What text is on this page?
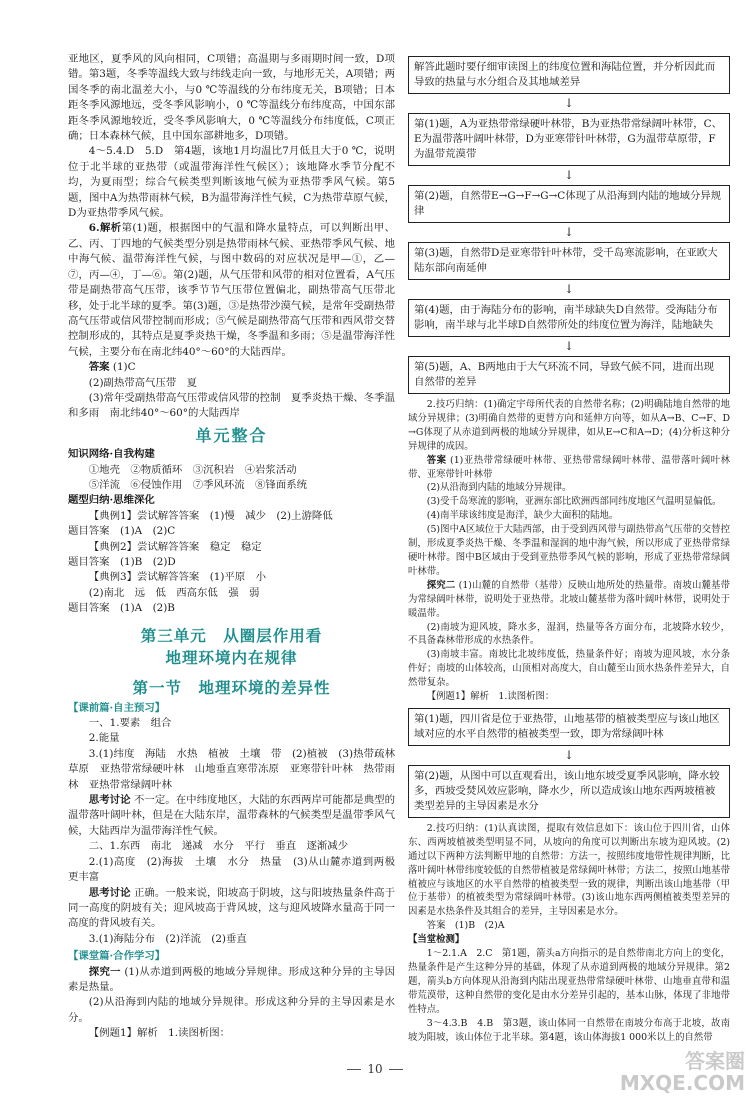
亚地区，夏季风的风向相同，C项错；高温期与多雨期时间一致，D项错。第3题，冬季等温线大致与纬线走向一致，与地形无关，A项错；两国冬季的南北温差大小，与0 ℃等温线的分布纬度无关，B项错；日本距冬季风源地远，受冬季风影响小，0 ℃等温线分布纬度高，中国东部距冬季风源地较近，受冬季风影响大，0 ℃等温线分布纬度低，C项正确；日本森林气候，且中国东部耕地多，D项错。

4～5.4.D　5.D　第4题，该地1月均温比7月低且大于0 ℃，说明位于北半球的亚热带（或温带海洋性气候区）；该地降水季节分配不均，为夏雨型；综合气候类型判断该地气候为亚热带季风气候。第5题，图中A为热带雨林气候，B为温带海洋性气候，C为热带草原气候，D为亚热带季风气候。

6.解析第(1)题，根据图中的气温和降水量特点，可以判断出甲、乙、丙、丁四地的气候类型分别是热带雨林气候、亚热带季风气候、地中海气候、温带海洋性气候，与图中数码的对应状况是甲—①，乙—⑦，丙—④，丁—⑥。第(2)题，从气压带和风带的相对位置看，A气压带是副热带高气压带，该季节节气压带位置偏北，副热带高气压带北移，处于北半球的夏季。第(3)题，③是热带沙漠气候，是常年受副热带高气压带或信风带控制而形成；⑤气候是副热带高气压带和西风带交替控制形成的，其特点是夏季炎热干燥，冬季温和多雨；⑤是温带海洋性气候，主要分布在南北纬40°～60°的大陆西岸。

答案 (1)C

(2)副热带高气压带　夏

(3)常年受副热带高气压带或信风带的控制　夏季炎热干燥、冬季温和多雨　南北纬40°～60°的大陆西岸

单元整合

知识网络·自我构建

①地壳　②物质循环　③沉积岩　④岩浆活动

⑤洋流　⑥侵蚀作用　⑦季风环流　⑧锋面系统

题型归纳·思维深化

【典例1】尝试解答答案　(1)慢　减少　(2)上游降低

题目答案　(1)A　(2)C

【典例2】尝试解答答案　稳定　稳定

题目答案　(1)B　(2)D

【典例3】尝试解答答案　(1)平原　小

(2)南北　远　低　西高东低　强　弱

题目答案　(1)A　(2)B

第三单元　从圈层作用看
地理环境内在规律
第一节　地理环境的差异性

【课前篇·自主预习】

一、1.要素　组合

2.能量

3.(1)纬度　海陆　水热　植被　土壤　带　(2)植被　(3)热带疏林草原　亚热带常绿硬叶林　山地垂直寒带冻原　亚寒带针叶林　热带雨林　亚热带常绿阔叶林

思考讨论 不一定。在中纬度地区，大陆的东西两岸可能都是典型的温带落叶阔叶林，但是在大陆东岸，温带森林的气候类型是温带季风气候，大陆西岸为温带海洋性气候。

二、1.东西　南北　递减　水分　平行　垂直　逐渐减少

2.(1)高度　(2)海拔　土壤　水分　热量　(3)从山麓赤道到两极　更丰富

思考讨论 正确。一般来说，阳坡高于阴坡，这与阳坡热量条件高于同一高度的阴坡有关；迎风坡高于背风坡，这与迎风坡降水量高于同一高度的背风坡有关。

3.(1)海陆分布　(2)洋流　(2)垂直

【课堂篇·合作学习】

探究一 (1)从赤道到两极的地域分异规律。形成这种分异的主导因素是热量。

(2)从沿海到内陆的地域分异规律。形成这种分异的主导因素是水分。

【例题1】解析　1.读图析图：

解答此题时要仔细审读图上的纬度位置和海陆位置，并分析因此而导致的热量与水分组合及其地域差异
↓
第(1)题，A为亚热带常绿硬叶林带，B为亚热带常绿阔叶林带，C、E为温带落叶阔叶林带，D为亚寒带针叶林带，G为温带草原带，F为温带荒漠带
↓
第(2)题，自然带E→G→F→G→C体现了从沿海到内陆的地域分异规律
↓
第(3)题，自然带D是亚寒带针叶林带，受千岛寒流影响，在亚欧大陆东部向南延伸
↓
第(4)题，由于海陆分布的影响，南半球缺失D自然带。受海陆分布影响，南半球与北半球D自然带所处的纬度位置为海洋，陆地缺失
↓
第(5)题，A、B两地由于大气环流不同，导致气候不同，进而出现自然带的差异

2.技巧归纳：(1)确定宇母所代表的自然带名称；(2)明确陆地自然带的地域分异规律；(3)明确自然带的更替方向和延伸方向等，如从A→B、C→F、D→G体现了从赤道到两极的地域分异规律，如从E→C和A→D；(4)分析这种分异规律的成因。

答案 (1)亚热带常绿硬叶林带、亚热带常绿阔叶林带、温带落叶阔叶林带、亚寒带针叶林带

(2)从沿海到内陆的地域分异规律。

(3)受千岛寒流的影响，亚洲东部比欧洲西部同纬度地区气温明显偏低。

(4)南半球该纬度是海洋，缺少大面积的陆地。

(5)图中A区域位于大陆西部，由于受到西风带与副热带高气压带的交替控制，形成夏季炎热干燥、冬季温和湿润的地中海气候，所以形成了亚热带常绿硬叶林带。图中B区域由于受到亚热带季风气候的影响，形成了亚热带常绿阔叶林带。

探究二 (1)山麓的自然带（基带）反映山地所处的热量带。南坡山麓基带为常绿阔叶林带，说明处于亚热带。北坡山麓基带为落叶阔叶林带，说明处于暖温带。

(2)南坡为迎风坡，降水多，湿润，热量等各方面分布，北坡降水较少，不具备森林带形成的水热条件。

(3)南坡丰富。南坡比北坡纬度低，热量条件好；南坡为迎风坡，水分条件好；南坡的山体较高，山顶相对高度大，自山麓至山顶水热条件差异大，自然带复杂。

【例题1】解析　1.读图析图：

第(1)题，四川省是位于亚热带，山地基带的植被类型应与该山地区域对应的水平自然带的植被类型一致，即为常绿阔叶林
↓
第(2)题，从图中可以直观看出，该山地东坡受夏季风影响，降水较多，西坡受焚风效应影响，降水少，所以造成该山地东西两坡植被类型差异的主导因素是水分

2.技巧归纳：(1)认真读图，提取有效信息如下：该山位于四川省，山体东、西两坡植被类型明显不同，从坡向的角度可以判断出东坡为迎风坡。(2)通过以下两种方法判断甲地的自然带：方法一，按照纬度地带性规律判断，比落叶阔叶林带纬度较低的自然带植被是常绿阔叶林带；方法二，按照山地基带植被应与该地区的水平自然带的植被类型一致的规律，判断出该山地基带（甲位于基带）的植被类型为常绿阔叶林带。(3)该山地东西两侧植被类型差异的因素是水热条件及其组合的差异，主导因素是水分。

答案　(1)B　(2)A

【当堂检测】

1～2.1.A　2.C　第1题，箭头a方向指示的是自然带南北方向上的变化，热量条件是产生这种分异的基础，体现了从赤道到两极的地域分异规律。第2题，箭头b方向体现从沿海到内陆出现亚热带常绿硬叶林带、山地垂直带和温带荒漠带，这种自然带的变化是由水分差异引起的，基本山脉，体现了非地带性特点。

3～4.3.B　4.B　第3题，该山体同一自然带在南坡分布高于北坡，故南坡为阳坡，该山体位于北半球。第4题，该山体海拔1 000米以上的自然带

10	答案圈 MXQE.COM
